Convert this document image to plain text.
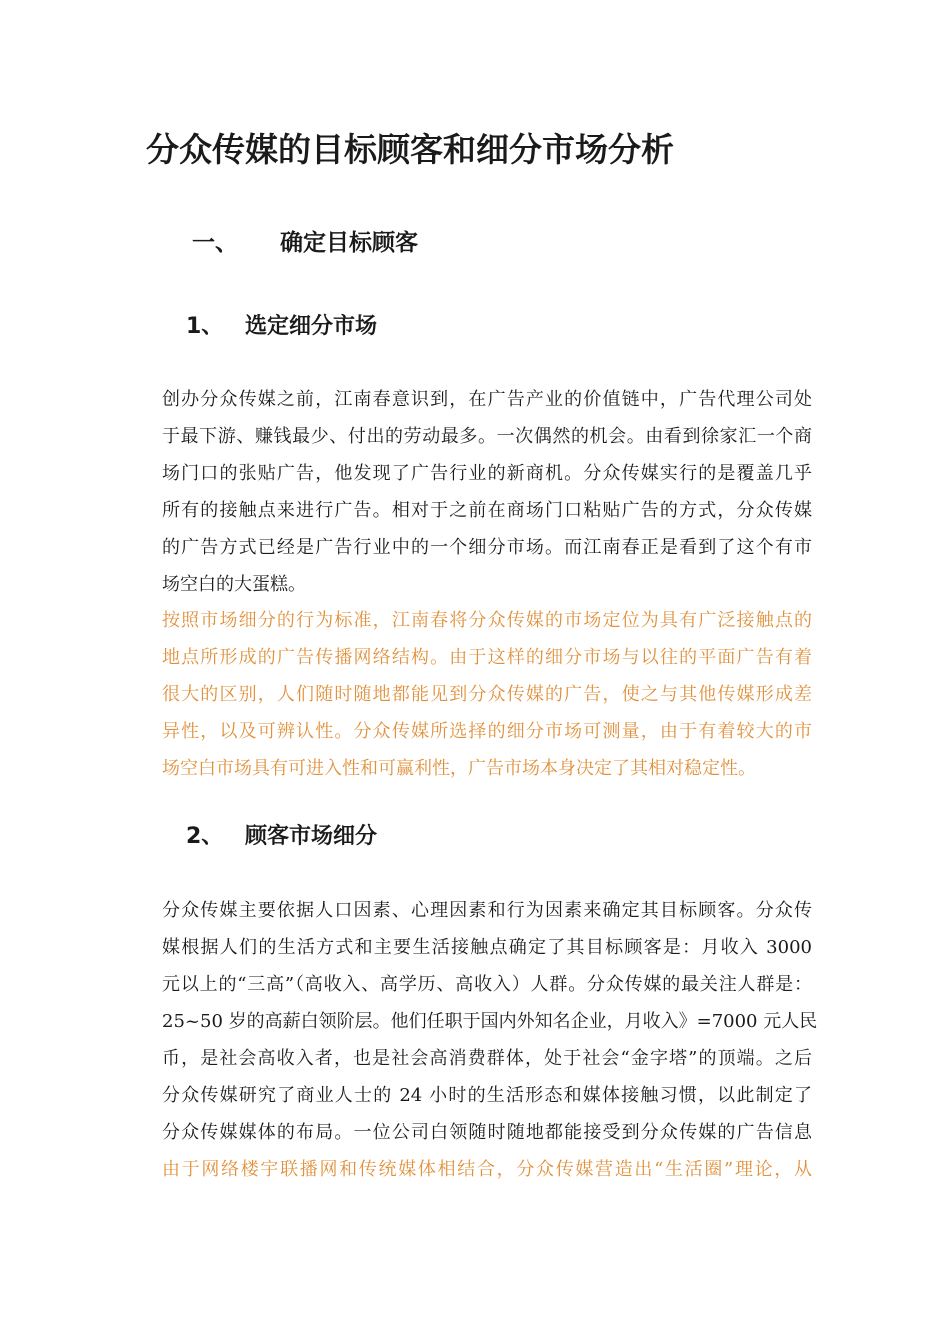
分众传媒的目标顾客和细分市场分析
一、 确定目标顾客
1、 选定细分市场
创办分众传媒之前，江南春意识到，在广告产业的价值链中，广告代理公司处
于最下游、赚钱最少、付出的劳动最多。一次偶然的机会。由看到徐家汇一个商
场门口的张贴广告，他发现了广告行业的新商机。分众传媒实行的是覆盖几乎
所有的接触点来进行广告。相对于之前在商场门口粘贴广告的方式，分众传媒
的广告方式已经是广告行业中的一个细分市场。而江南春正是看到了这个有市
场空白的大蛋糕。
按照市场细分的行为标准，江南春将分众传媒的市场定位为具有广泛接触点的
地点所形成的广告传播网络结构。由于这样的细分市场与以往的平面广告有着
很大的区别，人们随时随地都能见到分众传媒的广告，使之与其他传媒形成差
异性，以及可辨认性。分众传媒所选择的细分市场可测量，由于有着较大的市
场空白市场具有可进入性和可赢利性，广告市场本身决定了其相对稳定性。
2、 顾客市场细分
分众传媒主要依据人口因素、心理因素和行为因素来确定其目标顾客。分众传
媒根据人们的生活方式和主要生活接触点确定了其目标顾客是：月收入 3000
元以上的“三高”（高收入、高学历、高收入）人群。分众传媒的最关注人群是：
25~50 岁的高薪白领阶层。他们任职于国内外知名企业，月收入》=7000 元人民
币，是社会高收入者，也是社会高消费群体，处于社会“金字塔”的顶端。之后
分众传媒研究了商业人士的 24 小时的生活形态和媒体接触习惯，以此制定了
分众传媒媒体的布局。一位公司白领随时随地都能接受到分众传媒的广告信息
由于网络楼宇联播网和传统媒体相结合，分众传媒营造出“生活圈”理论，从
